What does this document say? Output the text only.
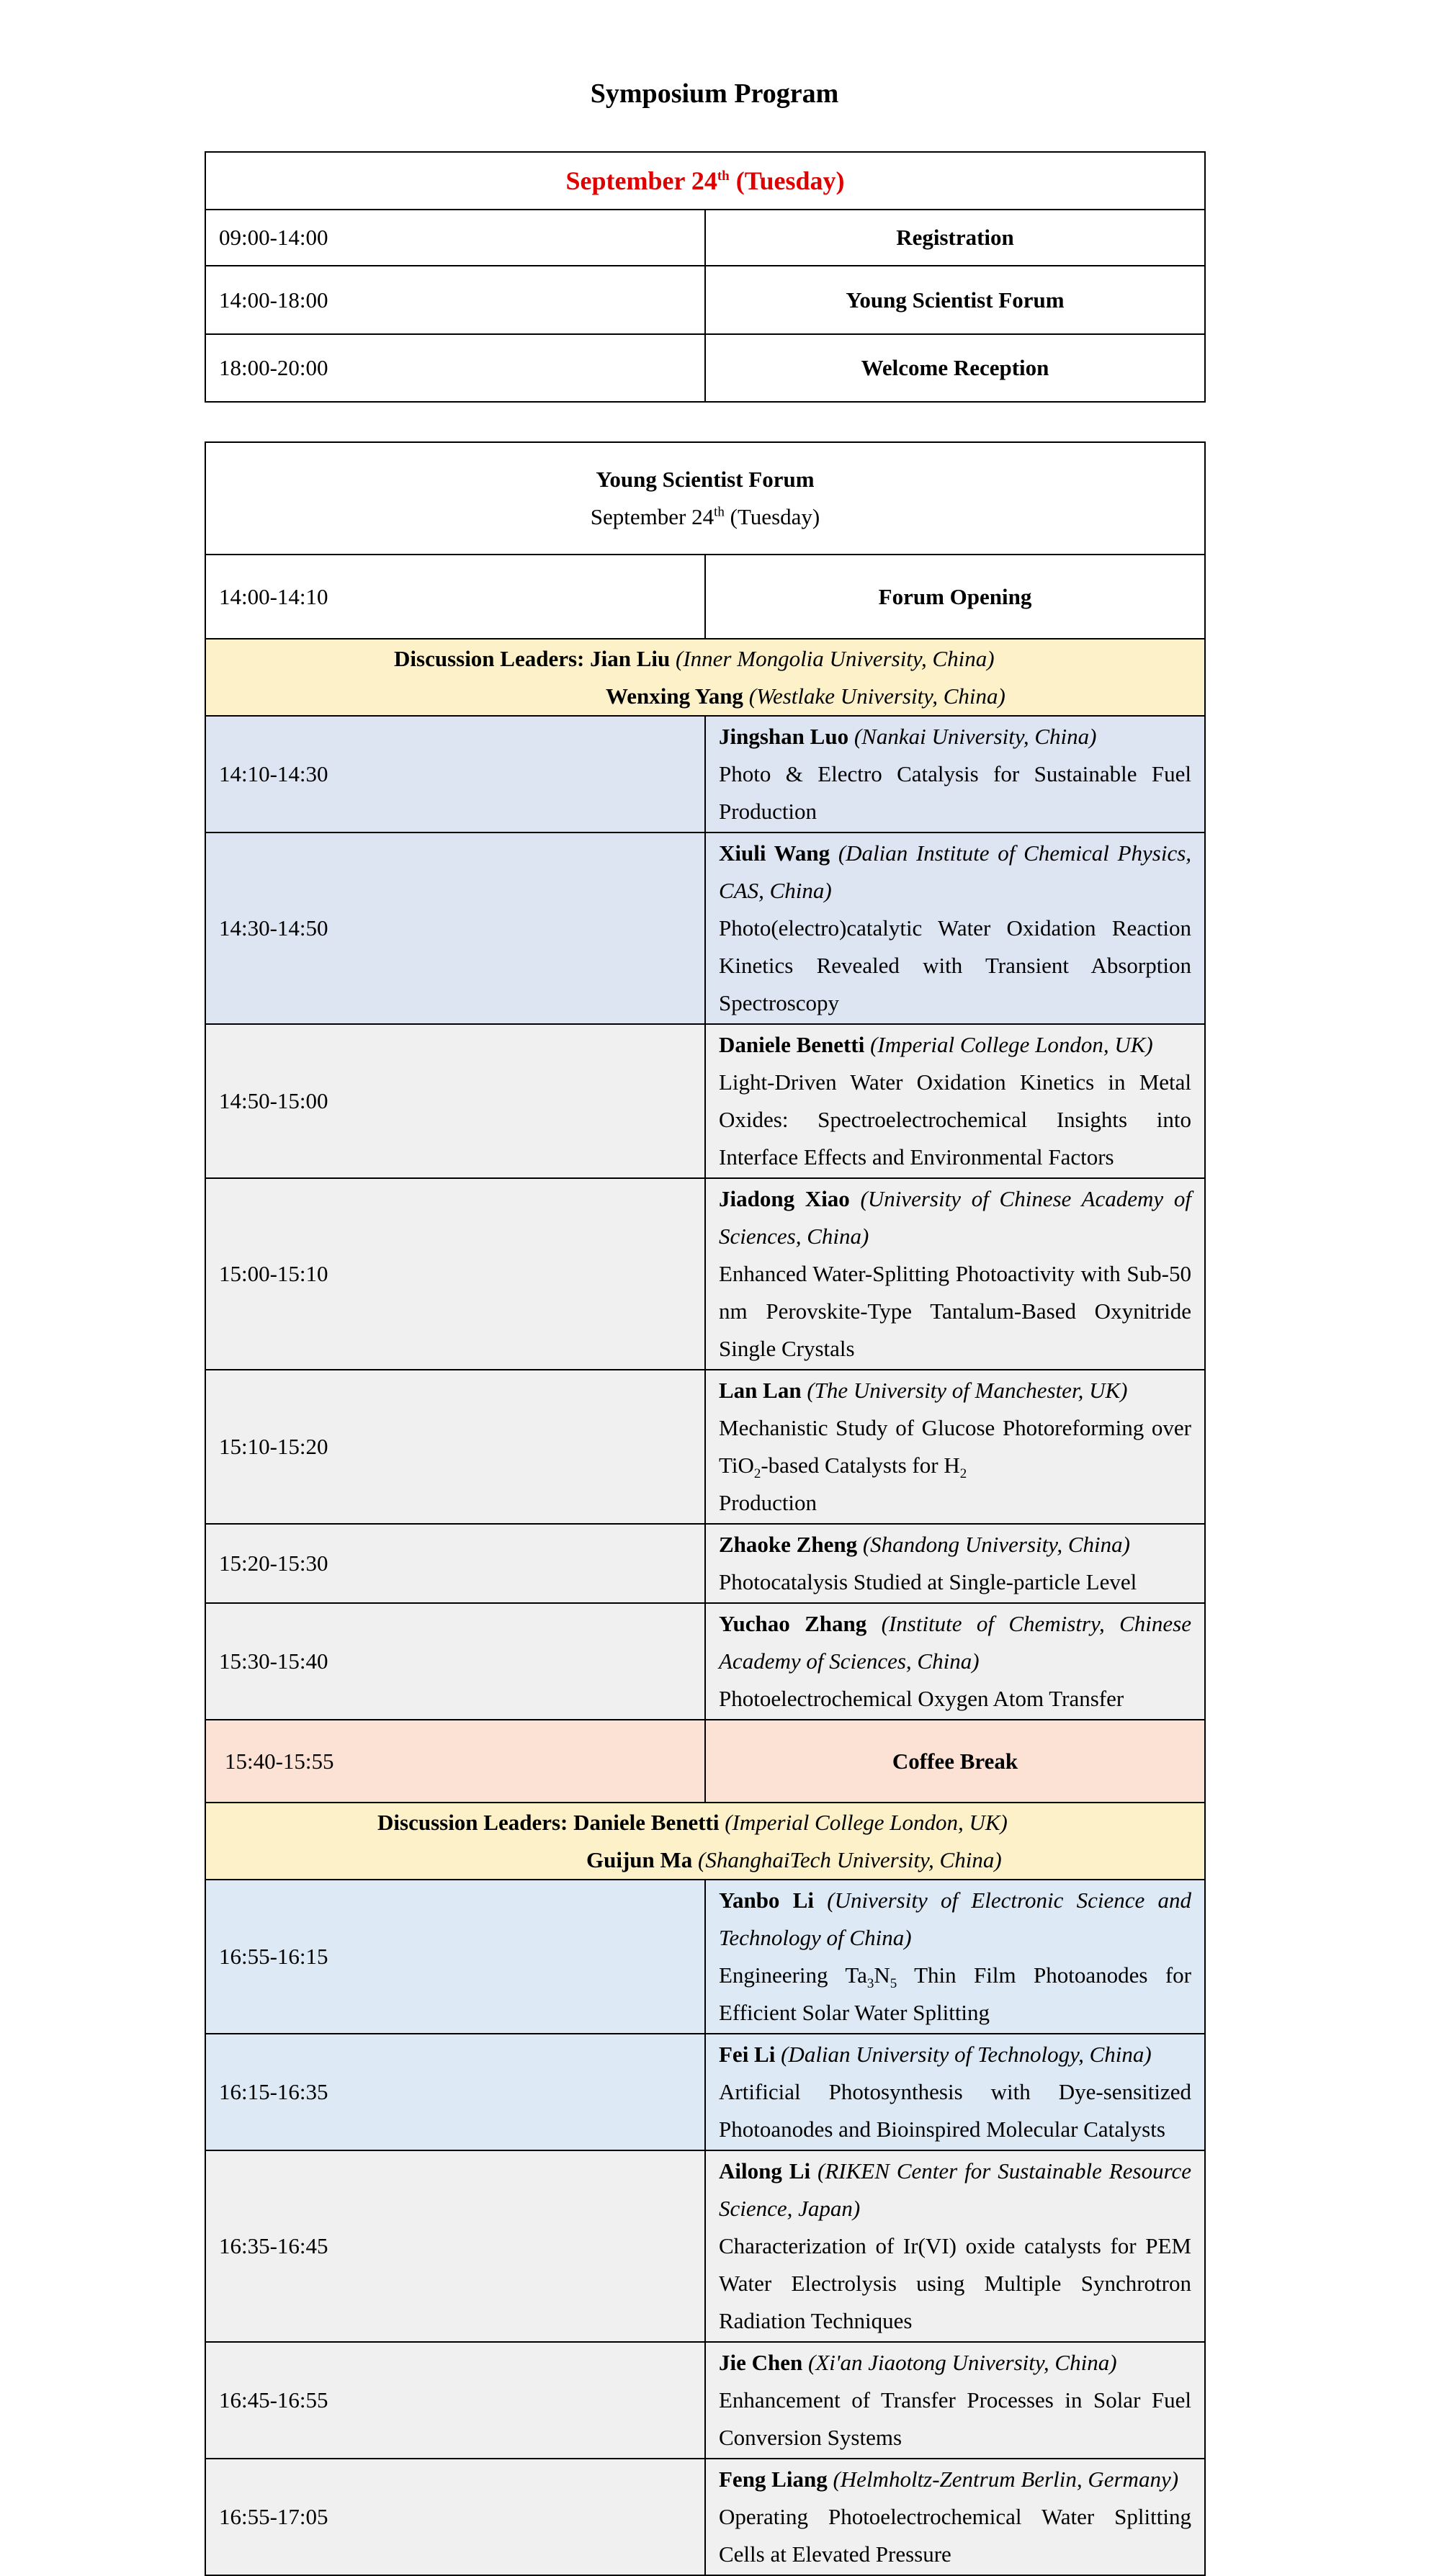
Symposium Program
September 24th (Tuesday)	
09:00-14:00	Registration
14:00-18:00	Young Scientist Forum
18:00-20:00	Welcome Reception
Young Scientist Forum
September 24th (Tuesday)	
14:00-14:10	Forum Opening

Discussion Leaders: Jian Liu (Inner Mongolia University, China)
Wenxing Yang (Westlake University, China)	

14:10-14:30	Jingshan Luo (Nankai University, China)
Photo & Electro Catalysis for Sustainable Fuel Production
14:30-14:50	Xiuli Wang (Dalian Institute of Chemical Physics, CAS, China)
Photo(electro)catalytic Water Oxidation Reaction Kinetics Revealed with Transient Absorption Spectroscopy
14:50-15:00	Daniele Benetti (Imperial College London, UK)
Light-Driven Water Oxidation Kinetics in Metal Oxides: Spectroelectrochemical Insights into Interface Effects and Environmental Factors
15:00-15:10	Jiadong Xiao (University of Chinese Academy of Sciences, China)
Enhanced Water-Splitting Photoactivity with Sub-50 nm Perovskite-Type Tantalum-Based Oxynitride Single Crystals
15:10-15:20	Lan Lan (The University of Manchester, UK)
Mechanistic Study of Glucose Photoreforming over TiO$_2$-based Catalysts for $H_2$
Production
15:20-15:30	Zhaoke Zheng (Shandong University, China)
Photocatalysis Studied at Single-particle Level
15:30-15:40	Yuchao Zhang (Institute of Chemistry, Chinese Academy of Sciences, China)
Photoelectrochemical Oxygen Atom Transfer
15:40-15:55	Coffee Break

Discussion Leaders: Daniele Benetti (Imperial College London, UK)
Guijun Ma (ShanghaiTech University, China)	

16:55-16:15	Yanbo Li (University of Electronic Science and Technology of China)
Engineering $Ta_3N_5$ Thin Film Photoanodes for Efficient Solar Water Splitting
16:15-16:35	Fei Li (Dalian University of Technology, China)
Artificial Photosynthesis with Dye-sensitized Photoanodes and Bioinspired Molecular Catalysts
16:35-16:45	Ailong Li (RIKEN Center for Sustainable Resource Science, Japan)
Characterization of Ir(VI) oxide catalysts for PEM Water Electrolysis using Multiple Synchrotron Radiation Techniques
16:45-16:55	Jie Chen (Xi'an Jiaotong University, China)
Enhancement of Transfer Processes in Solar Fuel Conversion Systems
16:55-17:05	Feng Liang (Helmholtz-Zentrum Berlin, Germany)
Operating Photoelectrochemical Water Splitting Cells at Elevated Pressure
